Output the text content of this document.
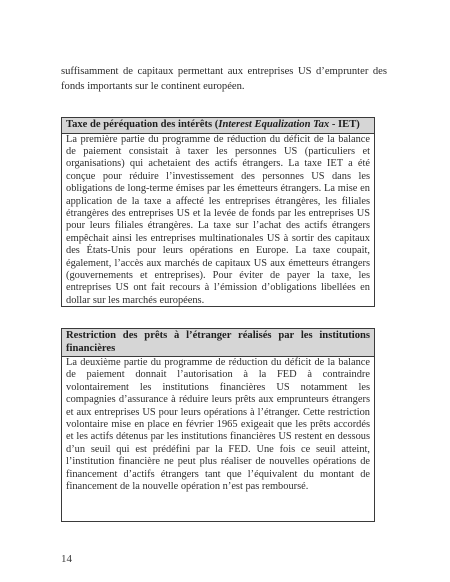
suffisamment de capitaux permettant aux entreprises US d’emprunter des fonds importants sur le continent européen.

Taxe de péréquation des intérêts (Interest Equalization Tax - IET)
La première partie du programme de réduction du déficit de la balance de paiement consistait à taxer les personnes US (particuliers et organisations) qui achetaient des actifs étrangers. La taxe IET a été conçue pour réduire l’investissement des personnes US dans les obligations de long-terme émises par les émetteurs étrangers. La mise en application de la taxe a affecté les entreprises étrangères, les filiales étrangères des entreprises US et la levée de fonds par les entreprises US pour leurs filiales étrangères. La taxe sur l’achat des actifs étrangers empêchait ainsi les entreprises multinationales US à sortir des capitaux des États-Unis pour leurs opérations en Europe. La taxe coupait, également, l’accès aux marchés de capitaux US aux émetteurs étrangers (gouvernements et entreprises). Pour éviter de payer la taxe, les entreprises US ont fait recours à l’émission d’obligations libellées en dollar sur les marchés européens.
Restriction des prêts à l’étranger réalisés par les institutions financières
La deuxième partie du programme de réduction du déficit de la balance de paiement donnait l’autorisation à la FED à contraindre volontairement les institutions financières US notamment les compagnies d’assurance à réduire leurs prêts aux emprunteurs étrangers et aux entreprises US pour leurs opérations à l’étranger. Cette restriction volontaire mise en place en février 1965 exigeait que les prêts accordés et les actifs détenus par les institutions financières US restent en dessous d’un seuil qui est prédéfini par la FED. Une fois ce seuil atteint, l’institution financière ne peut plus réaliser de nouvelles opérations de financement d’actifs étrangers tant que l’équivalent du montant de financement de la nouvelle opération n’est pas remboursé.
14
